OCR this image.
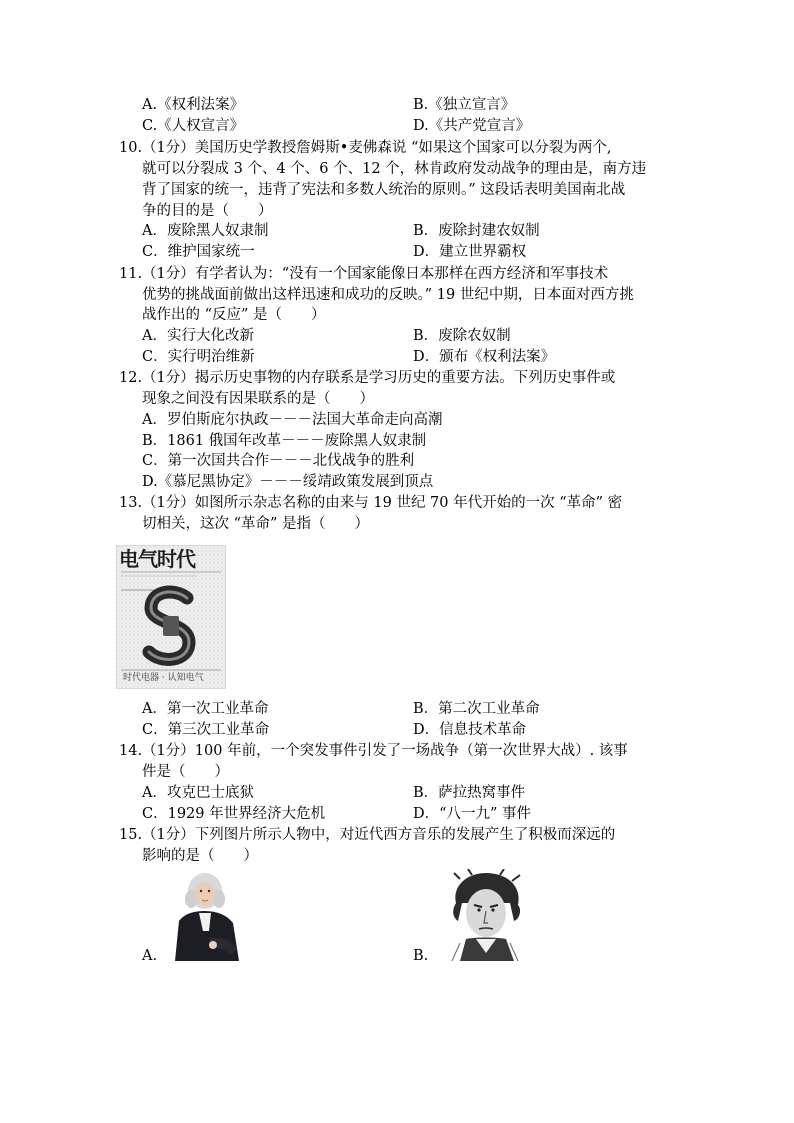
A.《权利法案》	B.《独立宣言》
C.《人权宣言》	D.《共产党宣言》
10.（1分）美国历史学教授詹姆斯•麦佛森说 “如果这个国家可以分裂为两个,
就可以分裂成 3 个、4 个、6 个、12 个，林肯政府发动战争的理由是，南方违
背了国家的统一，违背了宪法和多数人统治的原则。” 这段话表明美国南北战
争的目的是（　　）
A．废除黑人奴隶制	B．废除封建农奴制
C．维护国家统一	D．建立世界霸权
11.（1分）有学者认为：“没有一个国家能像日本那样在西方经济和军事技术
优势的挑战面前做出这样迅速和成功的反映。” 19 世纪中期，日本面对西方挑
战作出的 “反应” 是（　　）
A．实行大化改新	B．废除农奴制
C．实行明治维新	D．颁布《权利法案》
12.（1分）揭示历史事物的内存联系是学习历史的重要方法。下列历史事件或
现象之间没有因果联系的是（　　）
A．罗伯斯庇尔执政－－－法国大革命走向高潮
B．1861 俄国年改革－－－废除黑人奴隶制
C．第一次国共合作－－－北伐战争的胜利
D.《慕尼黑协定》－－－绥靖政策发展到顶点
13.（1分）如图所示杂志名称的由来与 19 世纪 70 年代开始的一次 “革命” 密
切相关，这次 “革命” 是指（　　）
电气时代
时代电器 · 认知电气
A．第一次工业革命	B．第二次工业革命
C．第三次工业革命	D．信息技术革命
14.（1分）100 年前，一个突发事件引发了一场战争（第一次世界大战）. 该事
件是（　　）
A．攻克巴士底狱	B．萨拉热窝事件
C．1929 年世界经济大危机	D．“八一九” 事件
15.（1分）下列图片所示人物中，对近代西方音乐的发展产生了积极而深远的
影响的是（　　）
A.	B.
